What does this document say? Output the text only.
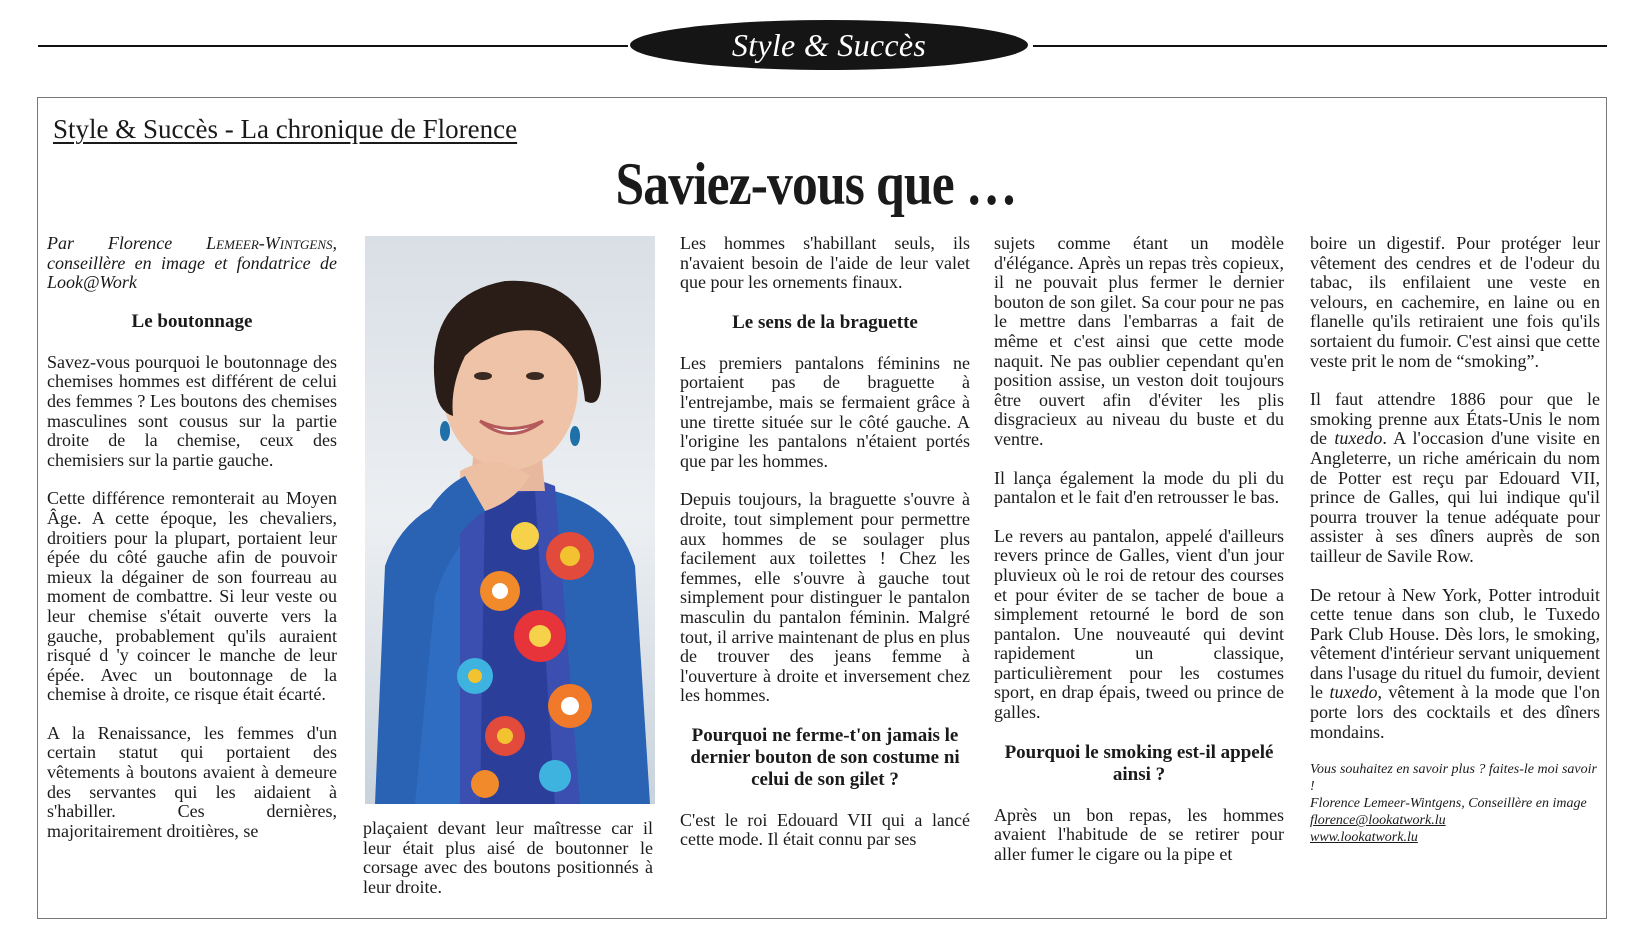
Style & Succès
Style & Succès - La chronique de Florence
Saviez-vous que …

Par Florence Lemeer-Wintgens, conseillère en image et fondatrice de Look@Work

Le boutonnage

Savez-vous pourquoi le boutonnage des chemises hommes est différent de celui des femmes ? Les boutons des chemises masculines sont cousus sur la partie droite de la chemise, ceux des chemisiers sur la partie gauche.

Cette différence remonterait au Moyen Âge. A cette époque, les chevaliers, droitiers pour la plupart, portaient leur épée du côté gauche afin de pouvoir mieux la dégainer de son fourreau au moment de combattre. Si leur veste ou leur chemise s'était ouverte vers la gauche, probablement qu'ils auraient risqué d 'y coincer le manche de leur épée. Avec un boutonnage de la chemise à droite, ce risque était écarté.

A la Renaissance, les femmes d'un certain statut qui portaient des vêtements à boutons avaient à demeure des servantes qui les aidaient à s'habiller. Ces dernières, majoritairement droitières, se	plaçaient devant leur maîtresse car il leur était plus aisé de boutonner le corsage avec des boutons positionnés à leur droite.

Les hommes s'habillant seuls, ils n'avaient besoin de l'aide de leur valet que pour les ornements finaux.

Le sens de la braguette

Les premiers pantalons féminins ne portaient pas de braguette à l'entrejambe, mais se fermaient grâce à une tirette située sur le côté gauche. A l'origine les pantalons n'étaient portés que par les hommes.

Depuis toujours, la braguette s'ouvre à droite, tout simplement pour permettre aux hommes de se soulager plus facilement aux toilettes ! Chez les femmes, elle s'ouvre à gauche tout simplement pour distinguer le pantalon masculin du pantalon féminin. Malgré tout, il arrive maintenant de plus en plus de trouver des jeans femme à l'ouverture à droite et inversement chez les hommes.

Pourquoi ne ferme-t'on jamais le dernier bouton de son costume ni celui de son gilet ?

C'est le roi Edouard VII qui a lancé cette mode. Il était connu par ses

sujets comme étant un modèle d'élégance. Après un repas très copieux, il ne pouvait plus fermer le dernier bouton de son gilet. Sa cour pour ne pas le mettre dans l'embarras a fait de même et c'est ainsi que cette mode naquit. Ne pas oublier cependant qu'en position assise, un veston doit toujours être ouvert afin d'éviter les plis disgracieux au niveau du buste et du ventre.

Il lança également la mode du pli du pantalon et le fait d'en retrousser le bas.

Le revers au pantalon, appelé d'ailleurs revers prince de Galles, vient d'un jour pluvieux où le roi de retour des courses et pour éviter de se tacher de boue a simplement retourné le bord de son pantalon. Une nouveauté qui devint rapidement un classique, particulièrement pour les costumes sport, en drap épais, tweed ou prince de galles.

Pourquoi le smoking est-il appelé ainsi ?

Après un bon repas, les hommes avaient l'habitude de se retirer pour aller fumer le cigare ou la pipe et

boire un digestif. Pour protéger leur vêtement des cendres et de l'odeur du tabac, ils enfilaient une veste en velours, en cachemire, en laine ou en flanelle qu'ils retiraient une fois qu'ils sortaient du fumoir. C'est ainsi que cette veste prit le nom de “smoking”.

Il faut attendre 1886 pour que le smoking prenne aux États-Unis le nom de tuxedo. A l'occasion d'une visite en Angleterre, un riche américain du nom de Potter est reçu par Edouard VII, prince de Galles, qui lui indique qu'il pourra trouver la tenue adéquate pour assister à ses dîners auprès de son tailleur de Savile Row.

De retour à New York, Potter introduit cette tenue dans son club, le Tuxedo Park Club House. Dès lors, le smoking, vêtement d'intérieur servant uniquement dans l'usage du rituel du fumoir, devient le tuxedo, vêtement à la mode que l'on porte lors des cocktails et des dîners mondains.

Vous souhaitez en savoir plus ? faites-le moi savoir !
Florence Lemeer-Wintgens, Conseillère en image
florence@lookatwork.lu
www.lookatwork.lu
